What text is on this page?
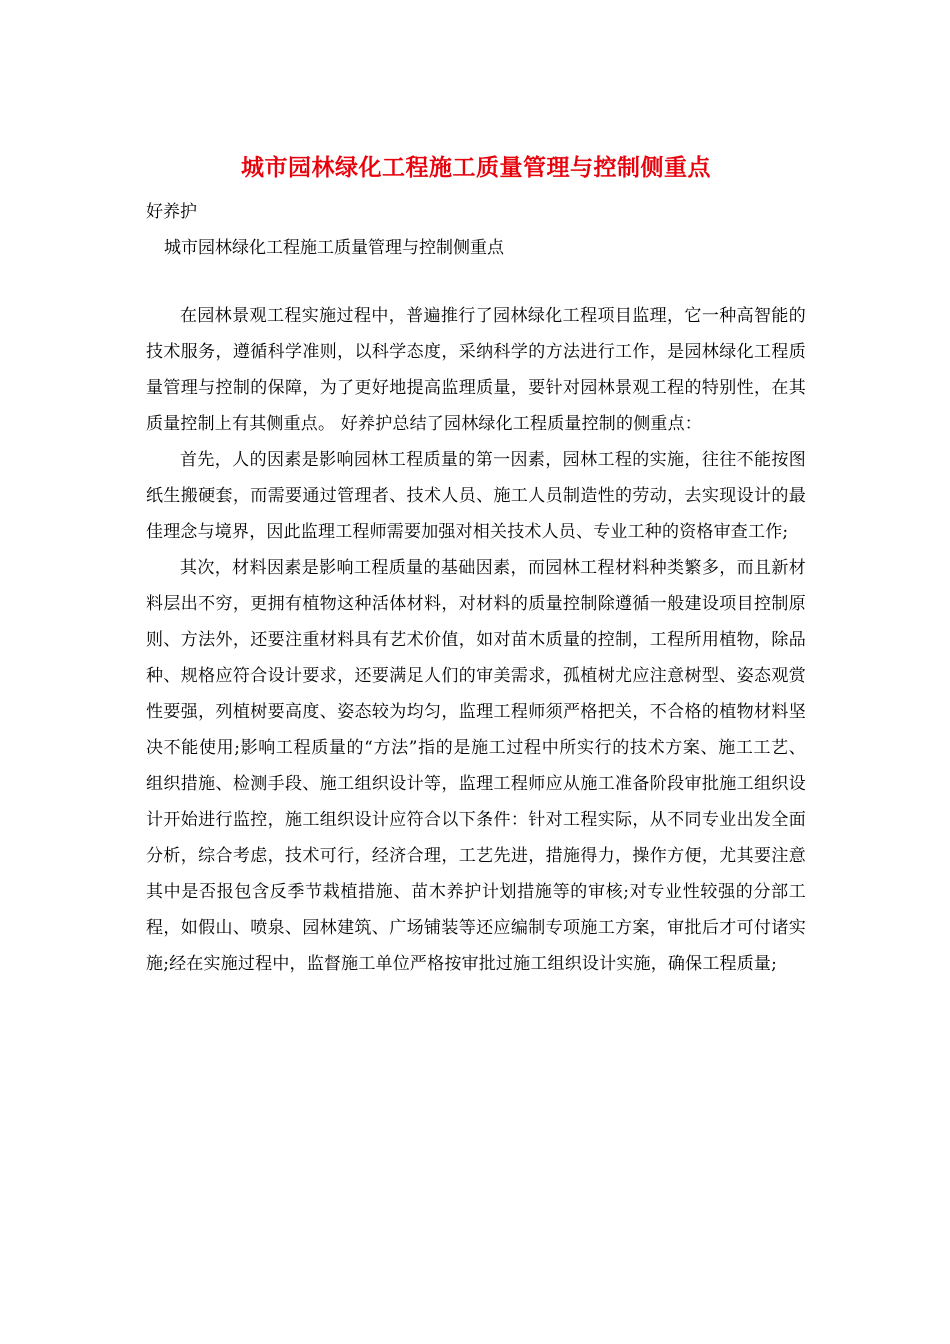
城市园林绿化工程施工质量管理与控制侧重点
好养护
城市园林绿化工程施工质量管理与控制侧重点

在园林景观工程实施过程中，普遍推行了园林绿化工程项目监理，它一种高智能的技术服务，遵循科学准则，以科学态度，采纳科学的方法进行工作，是园林绿化工程质量管理与控制的保障，为了更好地提高监理质量，要针对园林景观工程的特别性，在其质量控制上有其侧重点。 好养护总结了园林绿化工程质量控制的侧重点：

首先，人的因素是影响园林工程质量的第一因素，园林工程的实施，往往不能按图纸生搬硬套，而需要通过管理者、技术人员、施工人员制造性的劳动，去实现设计的最佳理念与境界，因此监理工程师需要加强对相关技术人员、专业工种的资格审查工作;

其次，材料因素是影响工程质量的基础因素，而园林工程材料种类繁多，而且新材料层出不穷，更拥有植物这种活体材料，对材料的质量控制除遵循一般建设项目控制原则、方法外，还要注重材料具有艺术价值，如对苗木质量的控制，工程所用植物，除品种、规格应符合设计要求，还要满足人们的审美需求，孤植树尤应注意树型、姿态观赏性要强，列植树要高度、姿态较为均匀，监理工程师须严格把关，不合格的植物材料坚决不能使用;影响工程质量的“方法”指的是施工过程中所实行的技术方案、施工工艺、组织措施、检测手段、施工组织设计等，监理工程师应从施工准备阶段审批施工组织设计开始进行监控，施工组织设计应符合以下条件：针对工程实际，从不同专业出发全面分析，综合考虑，技术可行，经济合理，工艺先进，措施得力，操作方便，尤其要注意其中是否报包含反季节栽植措施、苗木养护计划措施等的审核;对专业性较强的分部工程，如假山、喷泉、园林建筑、广场铺装等还应编制专项施工方案，审批后才可付诸实施;经在实施过程中，监督施工单位严格按审批过施工组织设计实施，确保工程质量;
